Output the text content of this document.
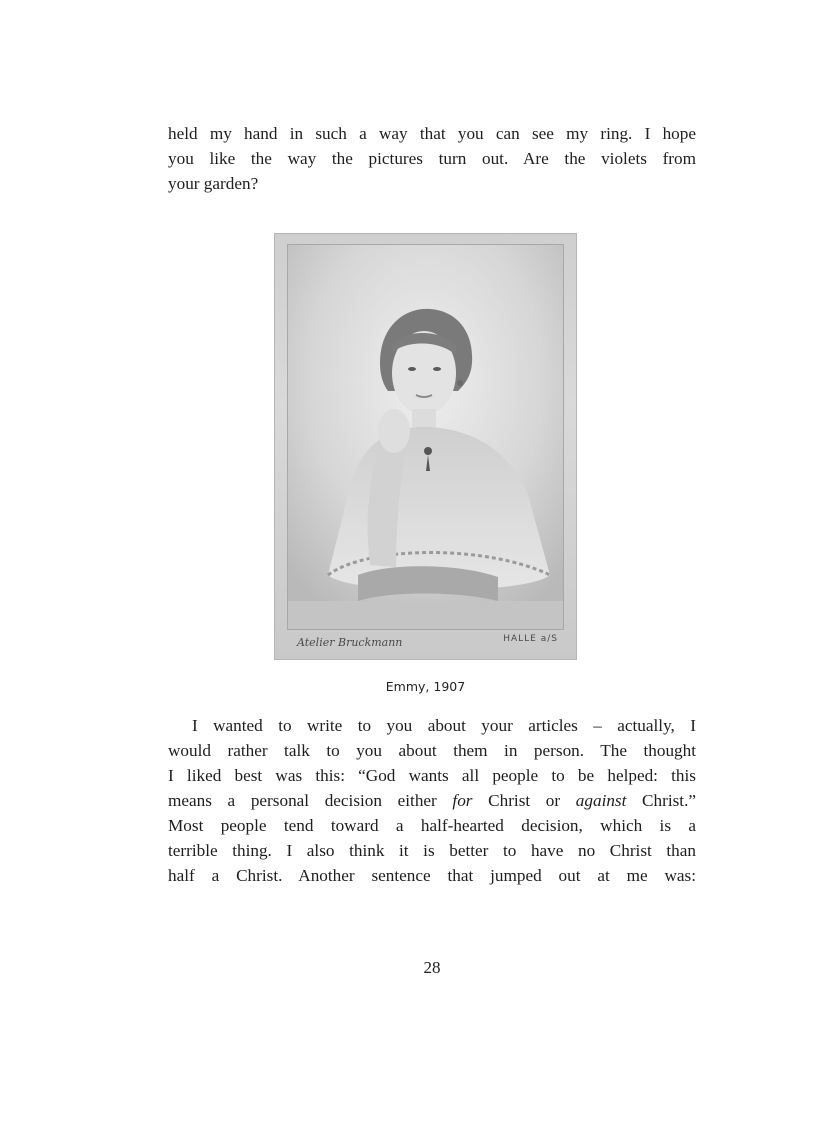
held my hand in such a way that you can see my ring. I hope
you like the way the pictures turn out. Are the violets from
your garden?
Atelier Bruckmann	HALLE a/S
Emmy, 1907
I wanted to write to you about your articles – actually, I
would rather talk to you about them in person. The thought
I liked best was this: “God wants all people to be helped: this
means a personal decision either for Christ or against Christ.”
Most people tend toward a half-hearted decision, which is a
terrible thing. I also think it is better to have no Christ than
half a Christ. Another sentence that jumped out at me was:
28
